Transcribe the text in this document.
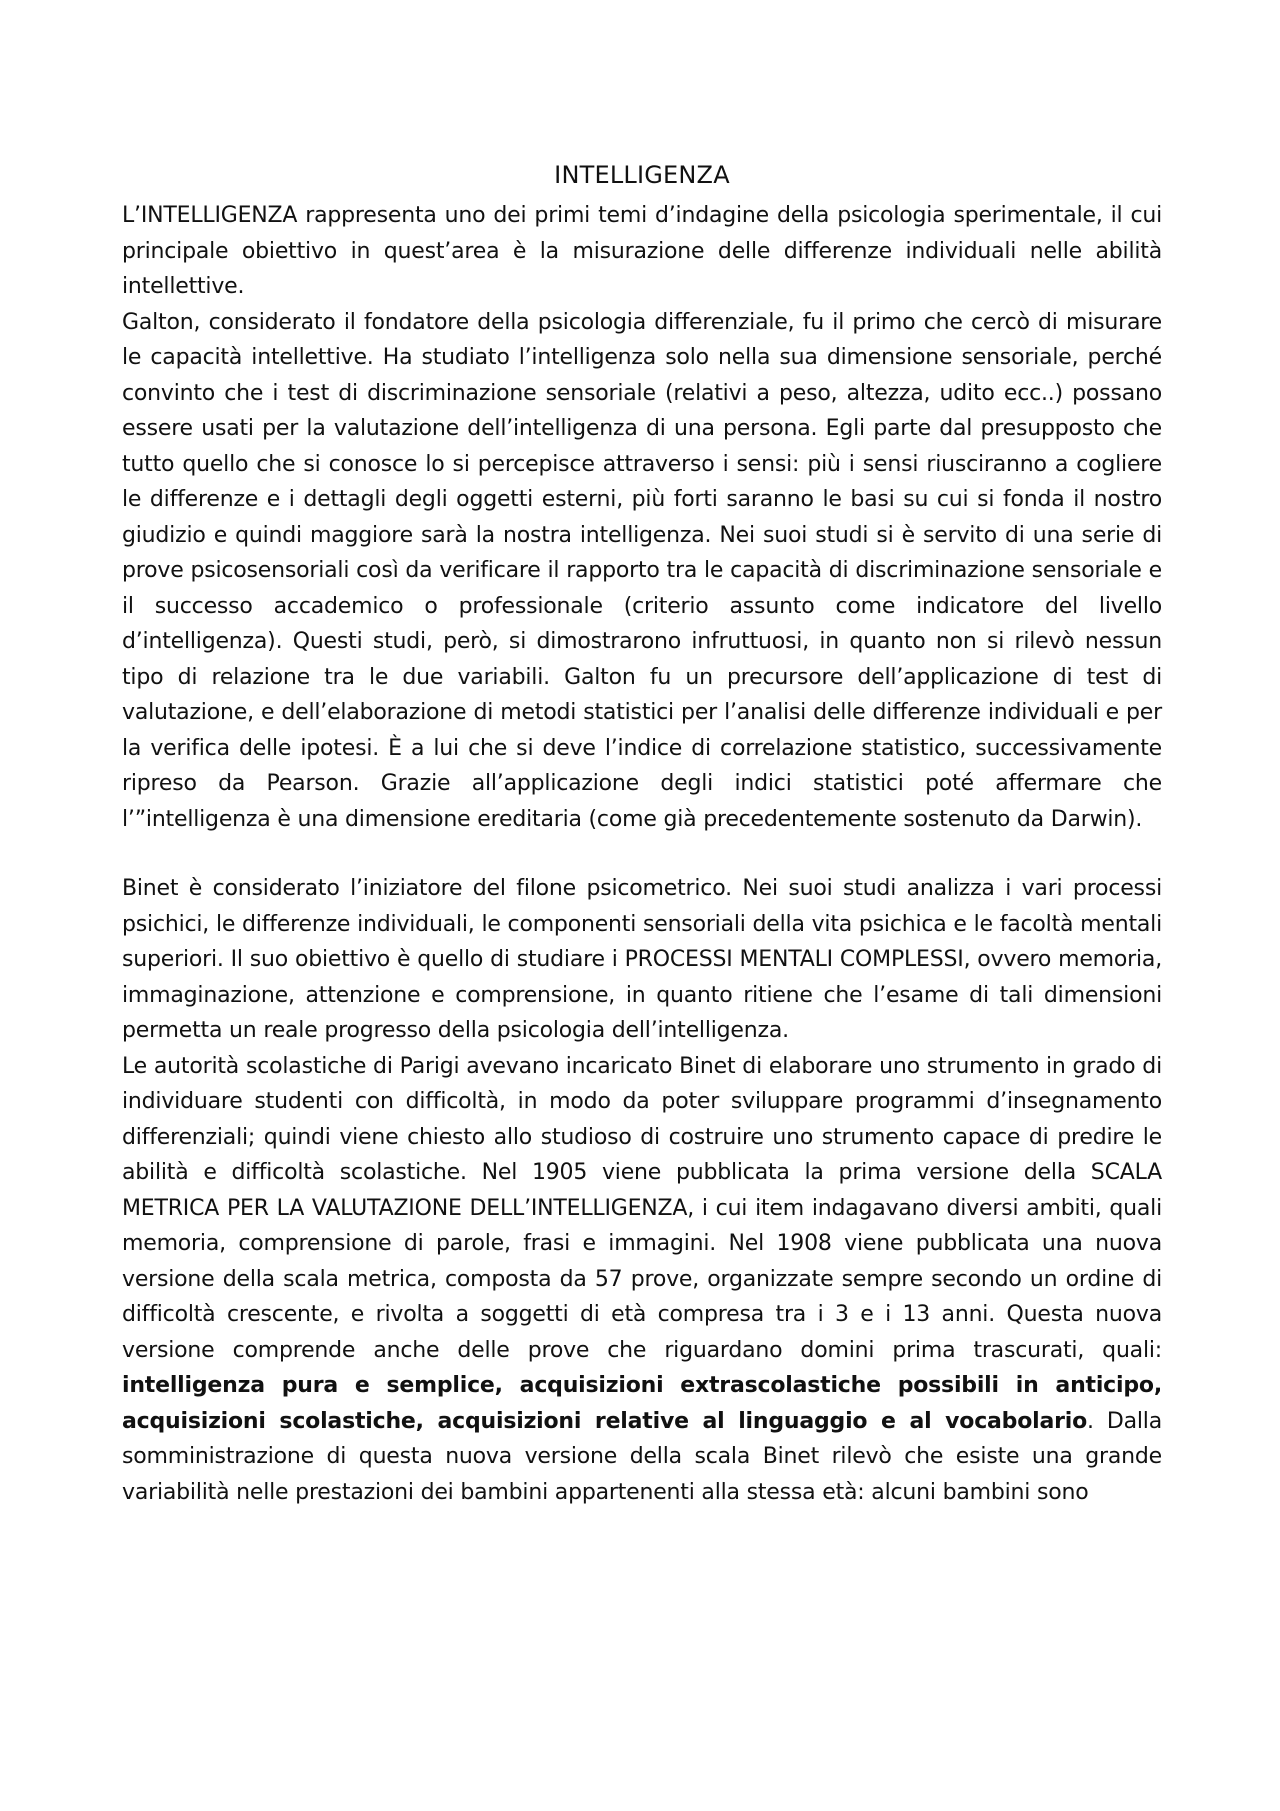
INTELLIGENZA

L’INTELLIGENZA rappresenta uno dei primi temi d’indagine della psicologia sperimentale, il cui principale obiettivo in quest’area è la misurazione delle differenze individuali nelle abilità intellettive.

Galton, considerato il fondatore della psicologia differenziale, fu il primo che cercò di misurare le capacità intellettive. Ha studiato l’intelligenza solo nella sua dimensione sensoriale, perché convinto che i test di discriminazione sensoriale (relativi a peso, altezza, udito ecc..) possano essere usati per la valutazione dell’intelligenza di una persona. Egli parte dal presupposto che tutto quello che si conosce lo si percepisce attraverso i sensi: più i sensi riusciranno a cogliere le differenze e i dettagli degli oggetti esterni, più forti saranno le basi su cui si fonda il nostro giudizio e quindi maggiore sarà la nostra intelligenza. Nei suoi studi si è servito di una serie di prove psicosensoriali così da verificare il rapporto tra le capacità di discriminazione sensoriale e il successo accademico o professionale (criterio assunto come indicatore del livello d’intelligenza). Questi studi, però, si dimostrarono infruttuosi, in quanto non si rilevò nessun tipo di relazione tra le due variabili. Galton fu un precursore dell’applicazione di test di valutazione, e dell’elaborazione di metodi statistici per l’analisi delle differenze individuali e per la verifica delle ipotesi. È a lui che si deve l’indice di correlazione statistico, successivamente ripreso da Pearson. Grazie all’applicazione degli indici statistici poté affermare che l’”intelligenza è una dimensione ereditaria (come già precedentemente sostenuto da Darwin).

Binet è considerato l’iniziatore del filone psicometrico. Nei suoi studi analizza i vari processi psichici, le differenze individuali, le componenti sensoriali della vita psichica e le facoltà mentali superiori. Il suo obiettivo è quello di studiare i PROCESSI MENTALI COMPLESSI, ovvero memoria, immaginazione, attenzione e comprensione, in quanto ritiene che l’esame di tali dimensioni permetta un reale progresso della psicologia dell’intelligenza.

Le autorità scolastiche di Parigi avevano incaricato Binet di elaborare uno strumento in grado di individuare studenti con difficoltà, in modo da poter sviluppare programmi d’insegnamento differenziali; quindi viene chiesto allo studioso di costruire uno strumento capace di predire le abilità e difficoltà scolastiche. Nel 1905 viene pubblicata la prima versione della SCALA METRICA PER LA VALUTAZIONE DELL’INTELLIGENZA, i cui item indagavano diversi ambiti, quali memoria, comprensione di parole, frasi e immagini. Nel 1908 viene pubblicata una nuova versione della scala metrica, composta da 57 prove, organizzate sempre secondo un ordine di difficoltà crescente, e rivolta a soggetti di età compresa tra i 3 e i 13 anni. Questa nuova versione comprende anche delle prove che riguardano domini prima trascurati, quali: intelligenza pura e semplice, acquisizioni extrascolastiche possibili in anticipo, acquisizioni scolastiche, acquisizioni relative al linguaggio e al vocabolario. Dalla somministrazione di questa nuova versione della scala Binet rilevò che esiste una grande variabilità nelle prestazioni dei bambini appartenenti alla stessa età: alcuni bambini sono
